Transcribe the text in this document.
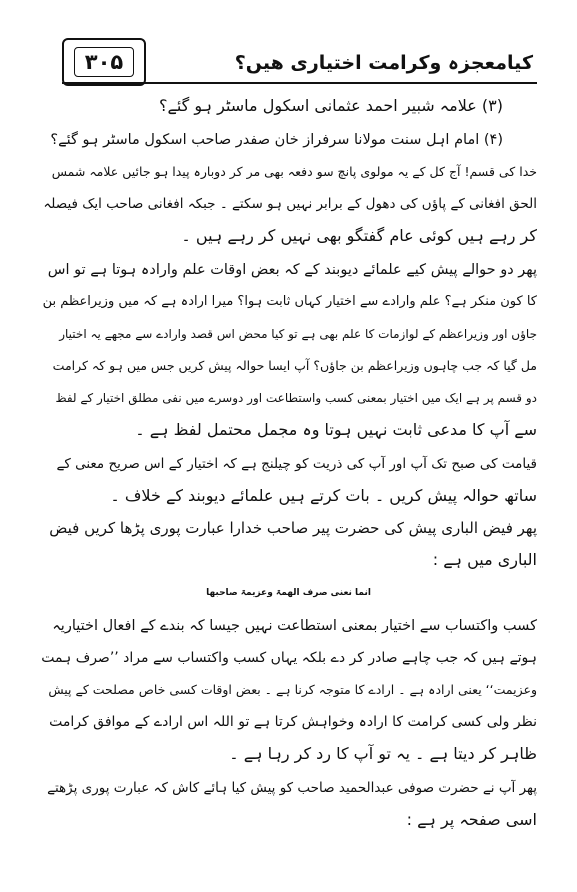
۳۰۵	کیامعجزہ وکرامت اختیاری ھیں؟
(۳) علامہ شبیر احمد عثمانی اسکول ماسٹر ہو گئے؟
(۴) امام اہل سنت مولانا سرفراز خان صفدر صاحب اسکول ماسٹر ہو گئے؟
خدا کی قسم! آج کل کے یہ مولوی پانچ سو دفعہ بھی مر کر دوبارہ پیدا ہو جائیں علامہ شمس
الحق افغانی کے پاؤں کی دھول کے برابر نہیں ہو سکتے ۔ جبکہ افغانی صاحب ایک فیصلہ
کر رہے ہیں کوئی عام گفتگو بھی نہیں کر رہے ہیں ۔
پھر دو حوالے پیش کیے علمائے دیوبند کے کہ بعض اوقات علم وارادہ ہوتا ہے تو اس
کا کون منکر ہے؟ علم وارادے سے اختیار کہاں ثابت ہوا؟ میرا ارادہ ہے کہ میں وزیراعظم بن
جاؤں اور وزیراعظم کے لوازمات کا علم بھی ہے تو کیا محض اس قصد وارادے سے مجھے یہ اختیار
مل گیا کہ جب چاہوں وزیراعظم بن جاؤں؟ آپ ایسا حوالہ پیش کریں جس میں ہو کہ کرامت
دو قسم پر ہے ایک میں اختیار بمعنی کسب واستطاعت اور دوسرے میں نفی مطلق اختیار کے لفظ
سے آپ کا مدعی ثابت نہیں ہوتا وہ مجمل محتمل لفظ ہے ۔
قیامت کی صبح تک آپ اور آپ کی ذریت کو چیلنج ہے کہ اختیار کے اس صریح معنی کے
ساتھ حوالہ پیش کریں ۔ بات کرتے ہیں علمائے دیوبند کے خلاف ۔
پھر فیض الباری پیش کی حضرت پیر صاحب خدارا عبارت پوری پڑھا کریں فیض
الباری میں ہے :
انما نعنی صرف الھمۃ وعزیمۃ صاحبھا
کسب واکتساب سے اختیار بمعنی استطاعت نہیں جیسا کہ بندے کے افعال اختیاریہ
ہوتے ہیں کہ جب چاہے صادر کر دے بلکہ یہاں کسب واکتساب سے مراد ’’صرف ہمت
وعزیمت‘‘ یعنی ارادہ ہے ۔ ارادے کا متوجہ کرنا ہے ۔ بعض اوقات کسی خاص مصلحت کے پیش
نظر ولی کسی کرامت کا ارادہ وخواہش کرتا ہے تو اللہ اس ارادے کے موافق کرامت
ظاہر کر دیتا ہے ۔ یہ تو آپ کا رد کر رہا ہے ۔
پھر آپ نے حضرت صوفی عبدالحمید صاحب کو پیش کیا ہائے کاش کہ عبارت پوری پڑھتے
اسی صفحہ پر ہے :
